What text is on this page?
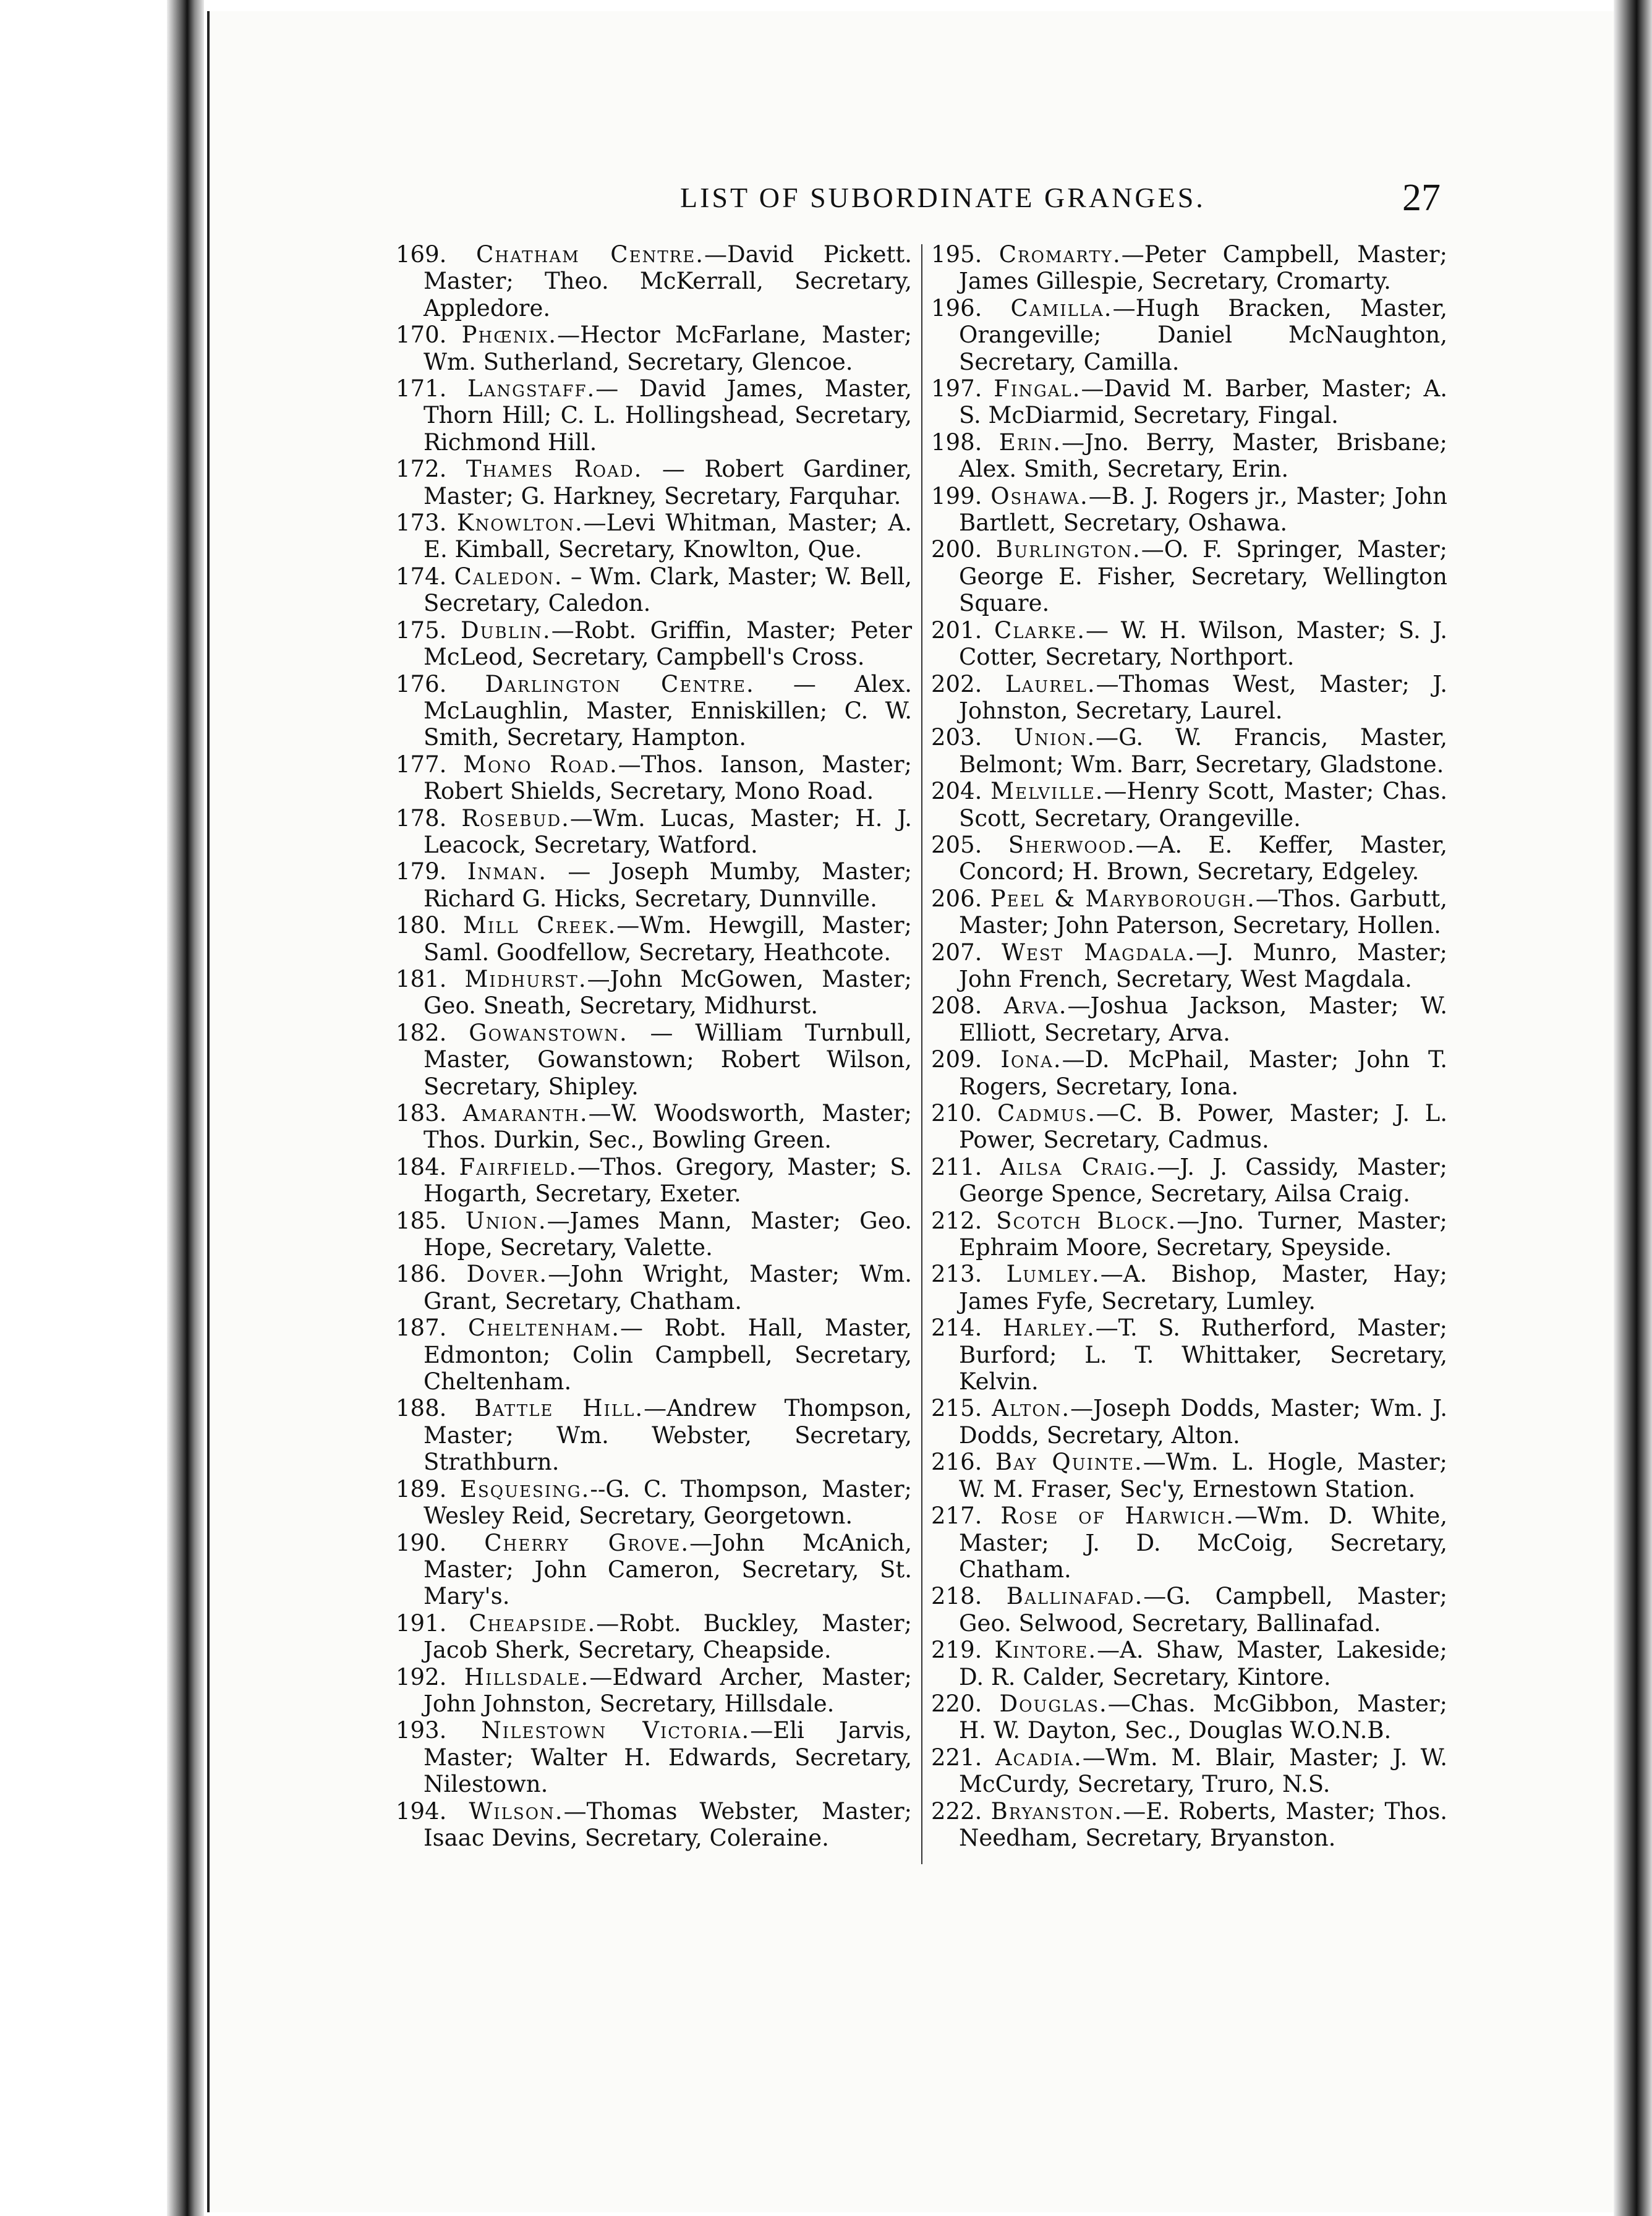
LIST OF SUBORDINATE GRANGES.	27

169. Chatham Centre.—David Pickett. Master; Theo. McKerrall, Secretary, Appledore.

170. Phœnix.—Hector McFarlane, Master; Wm. Sutherland, Secretary, Glencoe.

171. Langstaff.— David James, Master, Thorn Hill; C. L. Hollingshead, Secretary, Richmond Hill.

172. Thames Road. — Robert Gardiner, Master; G. Harkney, Secretary, Farquhar.

173. Knowlton.—Levi Whitman, Master; A. E. Kimball, Secretary, Knowlton, Que.

174. Caledon. – Wm. Clark, Master; W. Bell, Secretary, Caledon.

175. Dublin.—Robt. Griffin, Master; Peter McLeod, Secretary, Campbell's Cross.

176. Darlington Centre. — Alex. McLaughlin, Master, Enniskillen; C. W. Smith, Secretary, Hampton.

177. Mono Road.—Thos. Ianson, Master; Robert Shields, Secretary, Mono Road.

178. Rosebud.—Wm. Lucas, Master; H. J. Leacock, Secretary, Watford.

179. Inman. — Joseph Mumby, Master; Richard G. Hicks, Secretary, Dunnville.

180. Mill Creek.—Wm. Hewgill, Master; Saml. Goodfellow, Secretary, Heathcote.

181. Midhurst.—John McGowen, Master; Geo. Sneath, Secretary, Midhurst.

182. Gowanstown. — William Turnbull, Master, Gowanstown; Robert Wilson, Secretary, Shipley.

183. Amaranth.—W. Woodsworth, Master; Thos. Durkin, Sec., Bowling Green.

184. Fairfield.—Thos. Gregory, Master; S. Hogarth, Secretary, Exeter.

185. Union.—James Mann, Master; Geo. Hope, Secretary, Valette.

186. Dover.—John Wright, Master; Wm. Grant, Secretary, Chatham.

187. Cheltenham.— Robt. Hall, Master, Edmonton; Colin Campbell, Secretary, Cheltenham.

188. Battle Hill.—Andrew Thompson, Master; Wm. Webster, Secretary, Strathburn.

189. Esquesing.--G. C. Thompson, Master; Wesley Reid, Secretary, Georgetown.

190. Cherry Grove.—John McAnich, Master; John Cameron, Secretary, St. Mary's.

191. Cheapside.—Robt. Buckley, Master; Jacob Sherk, Secretary, Cheapside.

192. Hillsdale.—Edward Archer, Master; John Johnston, Secretary, Hillsdale.

193. Nilestown Victoria.—Eli Jarvis, Master; Walter H. Edwards, Secretary, Nilestown.

194. Wilson.—Thomas Webster, Master; Isaac Devins, Secretary, Coleraine.

195. Cromarty.—Peter Campbell, Master; James Gillespie, Secretary, Cromarty.

196. Camilla.—Hugh Bracken, Master, Orangeville; Daniel McNaughton, Secretary, Camilla.

197. Fingal.—David M. Barber, Master; A. S. McDiarmid, Secretary, Fingal.

198. Erin.—Jno. Berry, Master, Brisbane; Alex. Smith, Secretary, Erin.

199. Oshawa.—B. J. Rogers jr., Master; John Bartlett, Secretary, Oshawa.

200. Burlington.—O. F. Springer, Master; George E. Fisher, Secretary, Wellington Square.

201. Clarke.— W. H. Wilson, Master; S. J. Cotter, Secretary, Northport.

202. Laurel.—Thomas West, Master; J. Johnston, Secretary, Laurel.

203. Union.—G. W. Francis, Master, Belmont; Wm. Barr, Secretary, Gladstone.

204. Melville.—Henry Scott, Master; Chas. Scott, Secretary, Orangeville.

205. Sherwood.—A. E. Keffer, Master, Concord; H. Brown, Secretary, Edgeley.

206. Peel & Maryborough.—Thos. Garbutt, Master; John Paterson, Secretary, Hollen.

207. West Magdala.—J. Munro, Master; John French, Secretary, West Magdala.

208. Arva.—Joshua Jackson, Master; W. Elliott, Secretary, Arva.

209. Iona.—D. McPhail, Master; John T. Rogers, Secretary, Iona.

210. Cadmus.—C. B. Power, Master; J. L. Power, Secretary, Cadmus.

211. Ailsa Craig.—J. J. Cassidy, Master; George Spence, Secretary, Ailsa Craig.

212. Scotch Block.—Jno. Turner, Master; Ephraim Moore, Secretary, Speyside.

213. Lumley.—A. Bishop, Master, Hay; James Fyfe, Secretary, Lumley.

214. Harley.—T. S. Rutherford, Master; Burford; L. T. Whittaker, Secretary, Kelvin.

215. Alton.—Joseph Dodds, Master; Wm. J. Dodds, Secretary, Alton.

216. Bay Quinte.—Wm. L. Hogle, Master; W. M. Fraser, Sec'y, Ernestown Station.

217. Rose of Harwich.—Wm. D. White, Master; J. D. McCoig, Secretary, Chatham.

218. Ballinafad.—G. Campbell, Master; Geo. Selwood, Secretary, Ballinafad.

219. Kintore.—A. Shaw, Master, Lakeside; D. R. Calder, Secretary, Kintore.

220. Douglas.—Chas. McGibbon, Master; H. W. Dayton, Sec., Douglas W.O.N.B.

221. Acadia.—Wm. M. Blair, Master; J. W. McCurdy, Secretary, Truro, N.S.

222. Bryanston.—E. Roberts, Master; Thos. Needham, Secretary, Bryanston.
